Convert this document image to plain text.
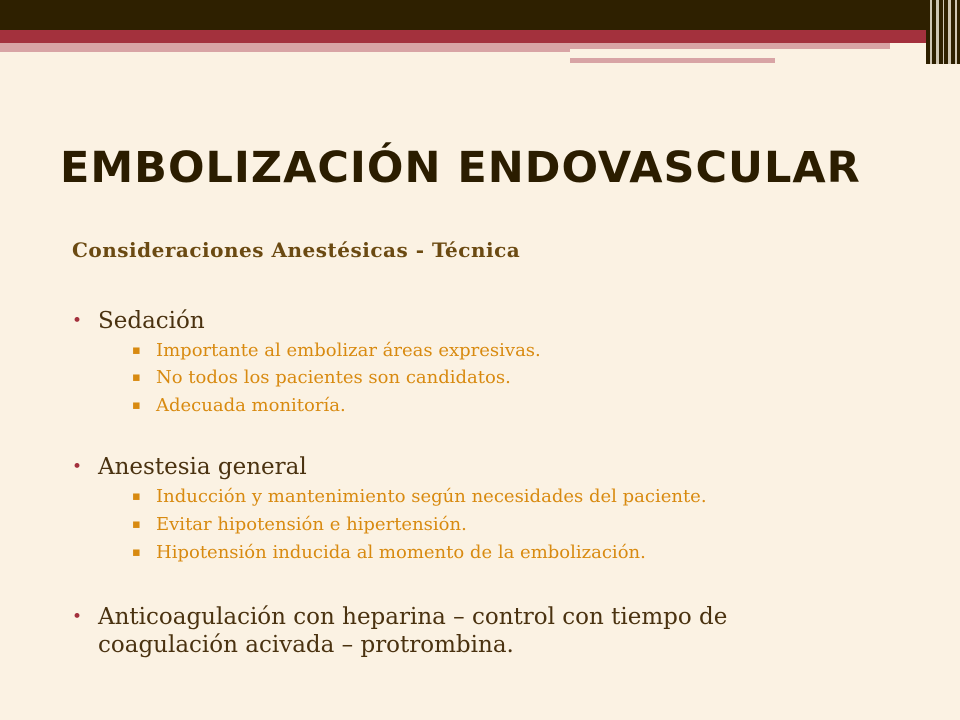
EMBOLIZACIÓN ENDOVASCULAR

Consideraciones Anestésicas - Técnica

• Sedación
▪ Importante al embolizar áreas expresivas.
▪ No todos los pacientes son candidatos.
▪ Adecuada monitoría.
• Anestesia general
▪ Inducción y mantenimiento según necesidades del paciente.
▪ Evitar hipotensión e hipertensión.
▪ Hipotensión inducida al momento de la embolización.
• Anticoagulación con heparina – control con tiempo de
coagulación acivada – protrombina.
